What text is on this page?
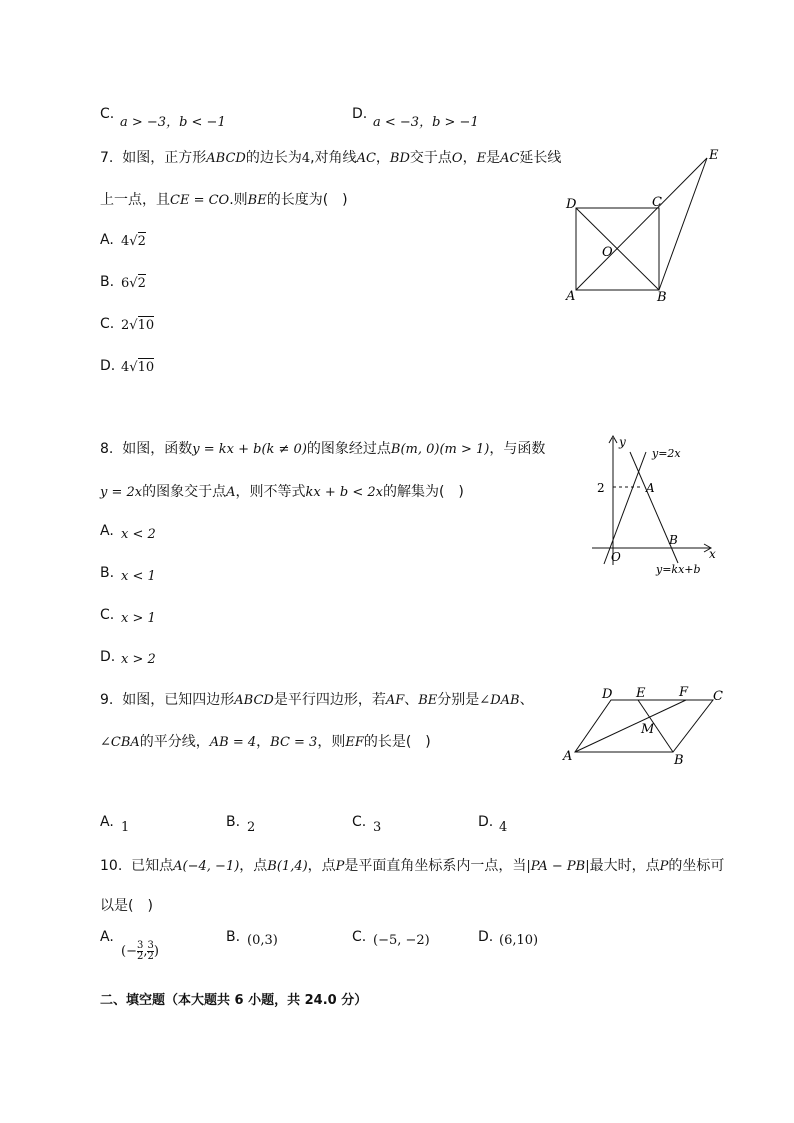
C.
a > −3，b < −1
D.
a < −3，b > −1
7. 如图，正方形ABCD的边长为4,对角线AC，BD交于点O，E是AC延长线
上一点，且CE = CO.则BE的长度为(　)
A. 4√2
B. 6√2
C. 2√10
D. 4√10
D	C
O
A	B
E
8. 如图，函数y = kx + b(k ≠ 0)的图象经过点B(m, 0)(m > 1)，与函数
y = 2x的图象交于点A，则不等式kx + b < 2x的解集为(　)
A. x < 2
B. x < 1
C. x > 1
D. x > 2
y
x
O
2	A
B
y=2x
y=kx+b
9. 如图，已知四边形ABCD是平行四边形，若AF、BE分别是∠DAB、
∠CBA的平分线，AB = 4，BC = 3，则EF的长是(　)
A. 1	B. 2	C. 3	D. 4
D E	F C
M
A	B
10. 已知点A(−4, −1)，点B(1,4)，点P是平面直角坐标系内一点，当|PA − PB|最大时，点P的坐标可
以是(　)
A.
(− $\frac{3}{2}$ , $\frac{3}{2}$ )
B. (0,3)	C. (−5, −2)	D. (6,10)
二、填空题（本大题共 6 小题，共 24.0 分）
